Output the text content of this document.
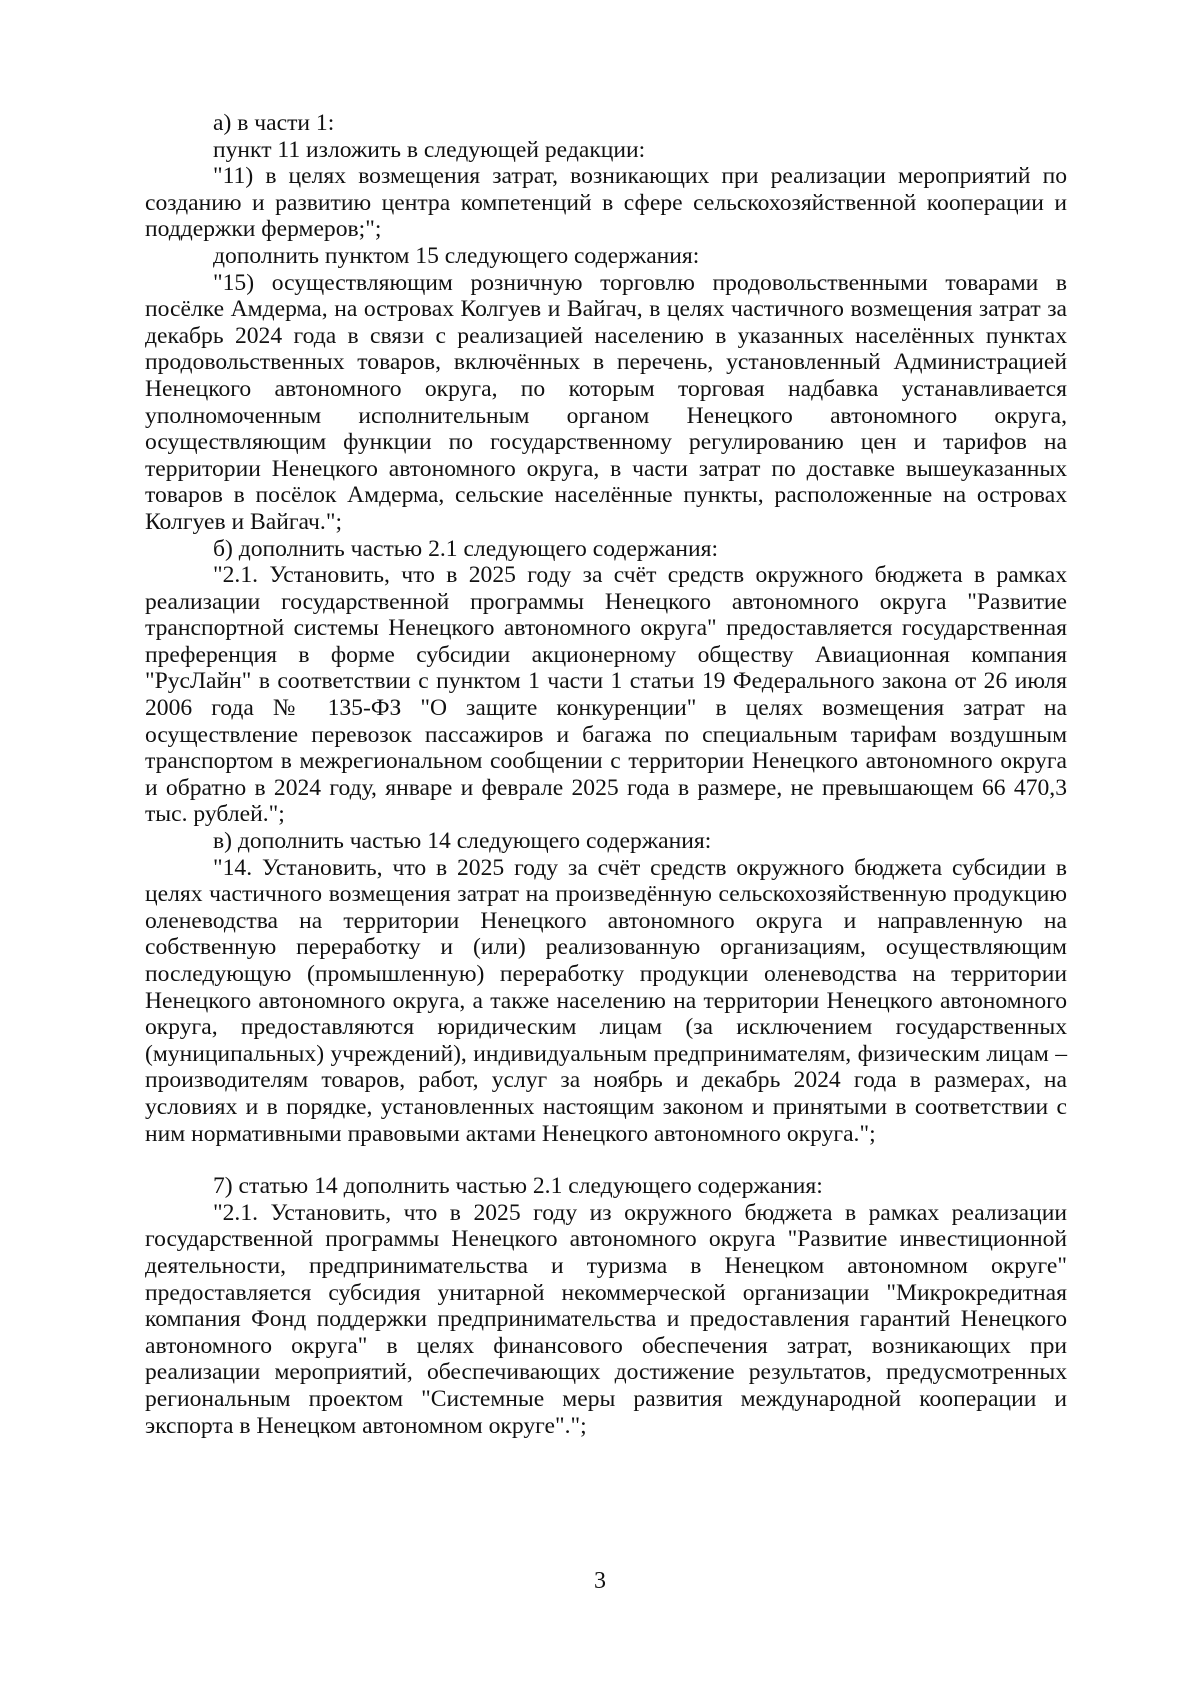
а) в части 1:

пункт 11 изложить в следующей редакции:

"11) в целях возмещения затрат, возникающих при реализации мероприятий по созданию и развитию центра компетенций в сфере сельскохозяйственной кооперации и поддержки фермеров;";

дополнить пунктом 15 следующего содержания:

"15) осуществляющим розничную торговлю продовольственными товарами в посёлке Амдерма, на островах Колгуев и Вайгач, в целях частичного возмещения затрат за декабрь 2024 года в связи с реализацией населению в указанных населённых пунктах продовольственных товаров, включённых в перечень, установленный Администрацией Ненецкого автономного округа, по которым торговая надбавка устанавливается уполномоченным исполнительным органом Ненецкого автономного округа, осуществляющим функции по государственному регулированию цен и тарифов на территории Ненецкого автономного округа, в части затрат по доставке вышеуказанных товаров в посёлок Амдерма, сельские населённые пункты, расположенные на островах Колгуев и Вайгач.";

б) дополнить частью 2.1 следующего содержания:

"2.1. Установить, что в 2025 году за счёт средств окружного бюджета в рамках реализации государственной программы Ненецкого автономного округа "Развитие транспортной системы Ненецкого автономного округа" предоставляется государственная преференция в форме субсидии акционерному обществу Авиационная компания "РусЛайн" в соответствии с пунктом 1 части 1 статьи 19 Федерального закона от 26 июля 2006 года № 135-ФЗ "О защите конкуренции" в целях возмещения затрат на осуществление перевозок пассажиров и багажа по специальным тарифам воздушным транспортом в межрегиональном сообщении с территории Ненецкого автономного округа и обратно в 2024 году, январе и феврале 2025 года в размере, не превышающем 66 470,3 тыс. рублей.";

в) дополнить частью 14 следующего содержания:

"14. Установить, что в 2025 году за счёт средств окружного бюджета субсидии в целях частичного возмещения затрат на произведённую сельскохозяйственную продукцию оленеводства на территории Ненецкого автономного округа и направленную на собственную переработку и (или) реализованную организациям, осуществляющим последующую (промышленную) переработку продукции оленеводства на территории Ненецкого автономного округа, а также населению на территории Ненецкого автономного округа, предоставляются юридическим лицам (за исключением государственных (муниципальных) учреждений), индивидуальным предпринимателям, физическим лицам – производителям товаров, работ, услуг за ноябрь и декабрь 2024 года в размерах, на условиях и в порядке, установленных настоящим законом и принятыми в соответствии с ним нормативными правовыми актами Ненецкого автономного округа.";

7) статью 14 дополнить частью 2.1 следующего содержания:

"2.1. Установить, что в 2025 году из окружного бюджета в рамках реализации государственной программы Ненецкого автономного округа "Развитие инвестиционной деятельности, предпринимательства и туризма в Ненецком автономном округе" предоставляется субсидия унитарной некоммерческой организации "Микрокредитная компания Фонд поддержки предпринимательства и предоставления гарантий Ненецкого автономного округа" в целях финансового обеспечения затрат, возникающих при реализации мероприятий, обеспечивающих достижение результатов, предусмотренных региональным проектом "Системные меры развития международной кооперации и экспорта в Ненецком автономном округе".";

3
